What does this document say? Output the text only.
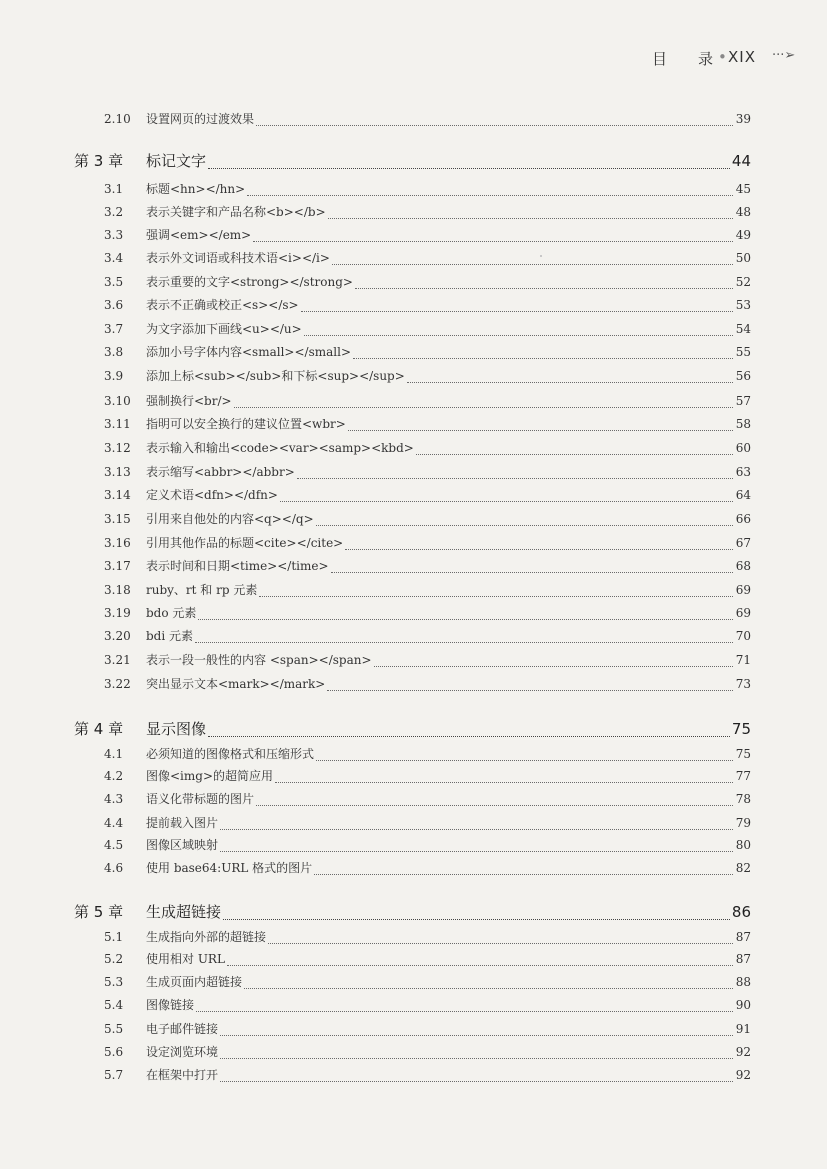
目 录 • XIX ···➢
2.10	设置网页的过渡效果	39
第 3 章	标记文字	44
3.1	标题<hn></hn>	45
3.2	表示关键字和产品名称<b></b>	48
3.3	强调<em></em>	49
3.4	表示外文词语或科技术语<i></i>	50
3.5	表示重要的文字<strong></strong>	52
3.6	表示不正确或校正<s></s>	53
3.7	为文字添加下画线<u></u>	54
3.8	添加小号字体内容<small></small>	55
3.9	添加上标<sub></sub>和下标<sup></sup>	56
3.10	强制换行<br/>	57
3.11	指明可以安全换行的建议位置<wbr>	58
3.12	表示输入和输出<code><var><samp><kbd>	60
3.13	表示缩写<abbr></abbr>	63
3.14	定义术语<dfn></dfn>	64
3.15	引用来自他处的内容<q></q>	66
3.16	引用其他作品的标题<cite></cite>	67
3.17	表示时间和日期<time></time>	68
3.18	ruby、rt 和 rp 元素	69
3.19	bdo 元素	69
3.20	bdi 元素	70
3.21	表示一段一般性的内容 <span></span>	71
3.22	突出显示文本<mark></mark>	73
第 4 章	显示图像	75
4.1	必须知道的图像格式和压缩形式	75
4.2	图像<img>的超简应用	77
4.3	语义化带标题的图片	78
4.4	提前载入图片	79
4.5	图像区域映射	80
4.6	使用 base64:URL 格式的图片	82
第 5 章	生成超链接	86
5.1	生成指向外部的超链接	87
5.2	使用相对 URL	87
5.3	生成页面内超链接	88
5.4	图像链接	90
5.5	电子邮件链接	91
5.6	设定浏览环境	92
5.7	在框架中打开	92
